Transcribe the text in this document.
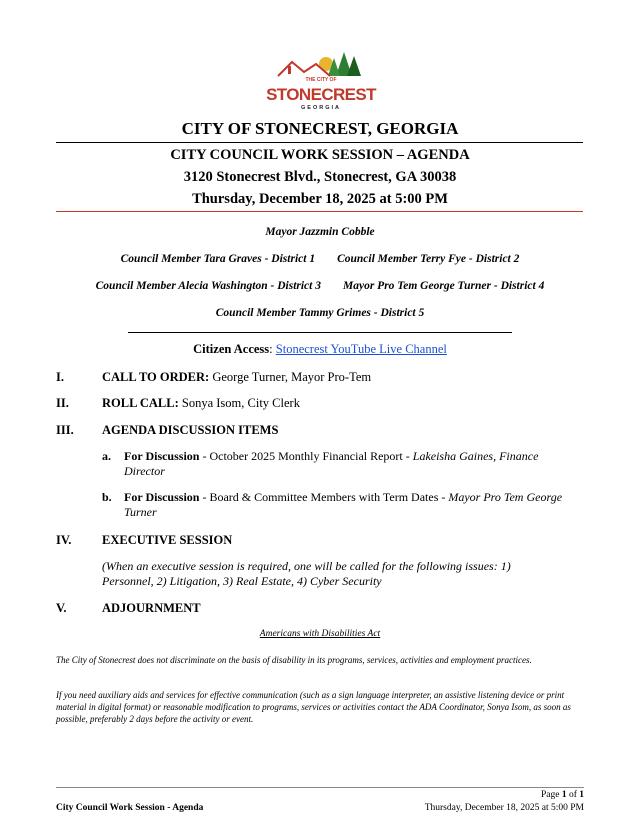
THE CITY OF
STONECREST
GEORGIA
CITY OF STONECREST, GEORGIA
CITY COUNCIL WORK SESSION – AGENDA
3120 Stonecrest Blvd., Stonecrest, GA 30038
Thursday, December 18, 2025 at 5:00 PM
Mayor Jazzmin Cobble
Council Member Tara Graves - District 1 Council Member Terry Fye - District 2
Council Member Alecia Washington - District 3 Mayor Pro Tem George Turner - District 4
Council Member Tammy Grimes - District 5
Citizen Access: Stonecrest YouTube Live Channel
I.	CALL TO ORDER: George Turner, Mayor Pro-Tem
II.	ROLL CALL: Sonya Isom, City Clerk
III. AGENDA DISCUSSION ITEMS
a. For Discussion - October 2025 Monthly Financial Report - Lakeisha Gaines, Finance Director
b. For Discussion - Board & Committee Members with Term Dates - Mayor Pro Tem George Turner
IV. EXECUTIVE SESSION
(When an executive session is required, one will be called for the following issues: 1) Personnel, 2) Litigation, 3) Real Estate, 4) Cyber Security
V.	ADJOURNMENT
Americans with Disabilities Act
The City of Stonecrest does not discriminate on the basis of disability in its programs, services, activities and employment practices.
If you need auxiliary aids and services for effective communication (such as a sign language interpreter, an assistive listening device or print material in digital format) or reasonable modification to programs, services or activities contact the ADA Coordinator, Sonya Isom, as soon as possible, preferably 2 days before the activity or event.
Page 1 of 1
City Council Work Session - Agenda	Thursday, December 18, 2025 at 5:00 PM
